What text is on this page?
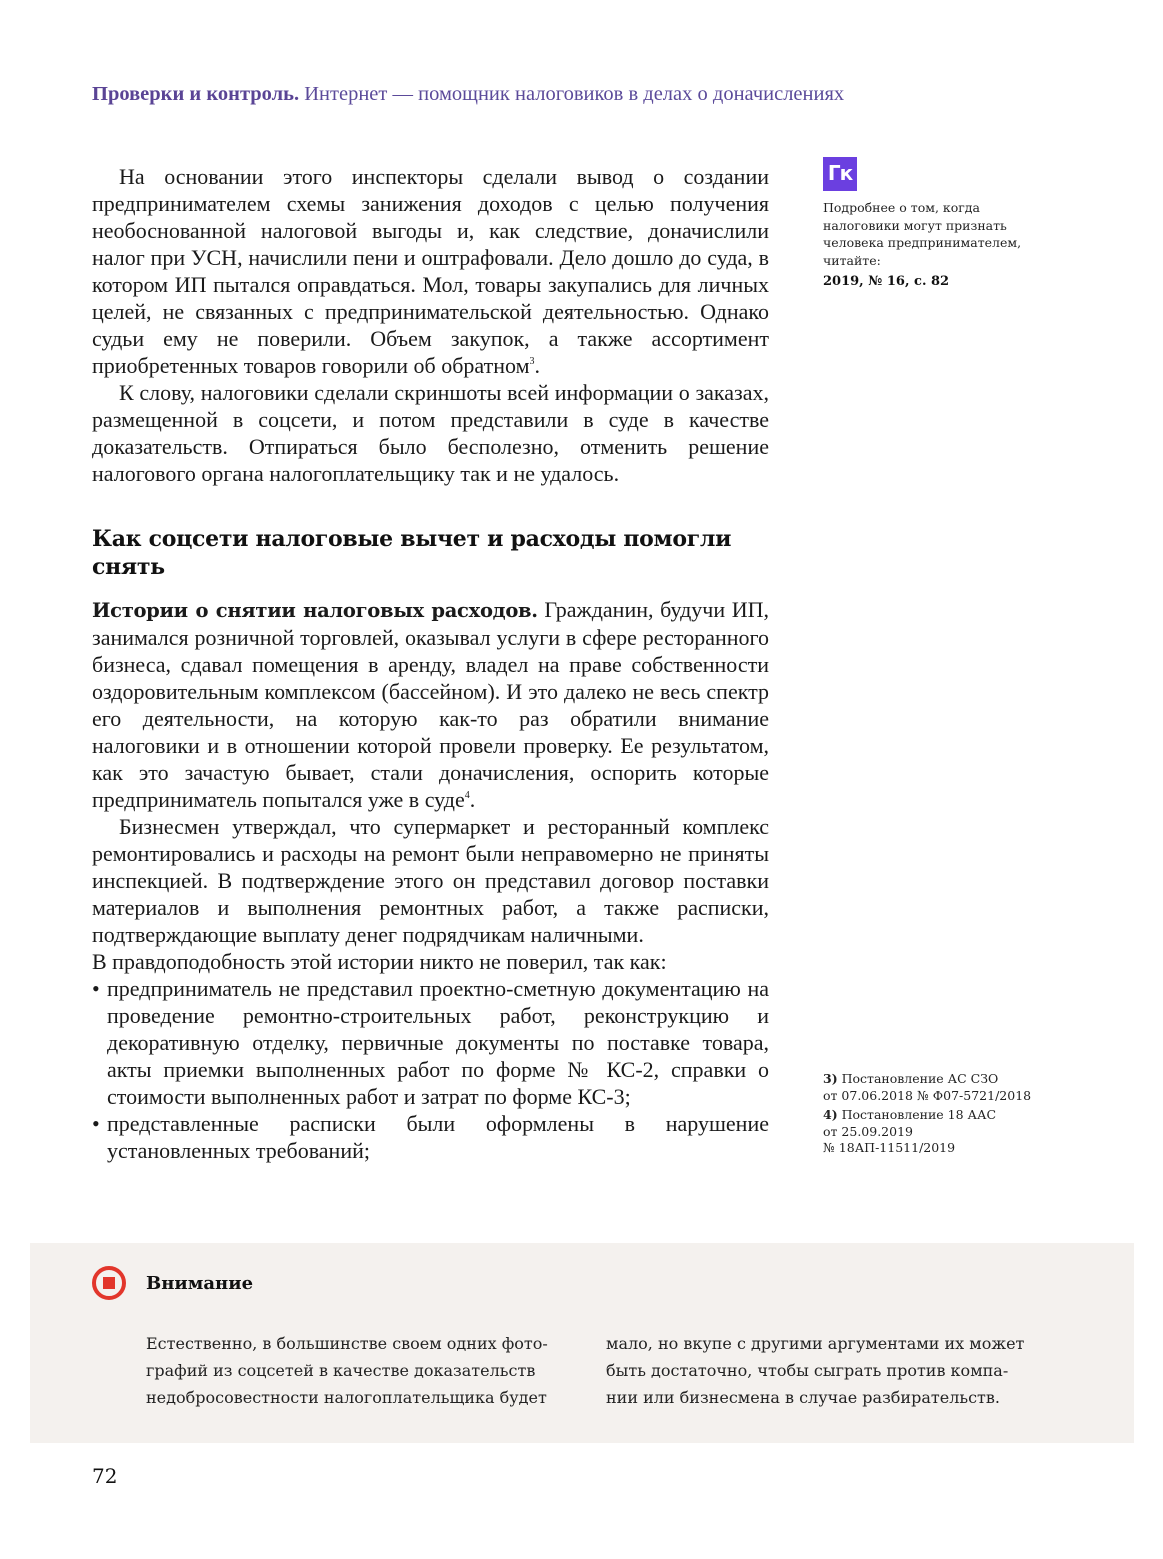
Проверки и контроль. Интернет — помощник налоговиков в делах о доначислениях

На основании этого инспекторы сделали вывод о создании предпринимателем схемы занижения доходов с целью получения необоснованной налоговой выгоды и, как следствие, доначислили налог при УСН, начислили пени и оштрафовали. Дело дошло до суда, в котором ИП пытался оправдаться. Мол, товары закупались для личных целей, не связанных с предпринимательской деятельностью. Однако судьи ему не поверили. Объем закупок, а также ассортимент приобретенных товаров говорили об обратном$^3$.

К слову, налоговики сделали скриншоты всей информации о заказах, размещенной в соцсети, и потом представили в суде в качестве доказательств. Отпираться было бесполезно, отменить решение налогового органа налогоплательщику так и не удалось.

Как соцсети налоговые вычет и расходы помогли снять

Истории о снятии налоговых расходов. Гражданин, будучи ИП, занимался розничной торговлей, оказывал услуги в сфере ресторанного бизнеса, сдавал помещения в аренду, владел на праве собственности оздоровительным комплексом (бассейном). И это далеко не весь спектр его деятельности, на которую как-то раз обратили внимание налоговики и в отношении которой провели проверку. Ее результатом, как это зачастую бывает, стали доначисления, оспорить которые предприниматель попытался уже в суде$^4$.

Бизнесмен утверждал, что супермаркет и ресторанный комплекс ремонтировались и расходы на ремонт были неправомерно не приняты инспекцией. В подтверждение этого он представил договор поставки материалов и выполнения ремонтных работ, а также расписки, подтверждающие выплату денег подрядчикам наличными.

В правдоподобность этой истории никто не поверил, так как:

• предприниматель не представил проектно-сметную документацию на проведение ремонтно-строительных работ, реконструкцию и декоративную отделку, первичные документы по поставке товара, акты приемки выполненных работ по форме № КС-2, справки о стоимости выполненных работ и затрат по форме КС-3;
• представленные расписки были оформлены в нарушение установленных требований;
Гк
Подробнее о том, когда
налоговики могут признать
человека предпринимателем,
читайте:
2019, № 16, с. 82
3) Постановление АС СЗО
от 07.06.2018 № Ф07-5721/2018
4) Постановление 18 ААС
от 25.09.2019
№ 18АП-11511/2019
Внимание
Естественно, в большинстве своем одних фото-
графий из соцсетей в качестве доказательств
недобросовестности налогоплательщика будет
мало, но вкупе с другими аргументами их может
быть достаточно, чтобы сыграть против компа-
нии или бизнесмена в случае разбирательств.
72
